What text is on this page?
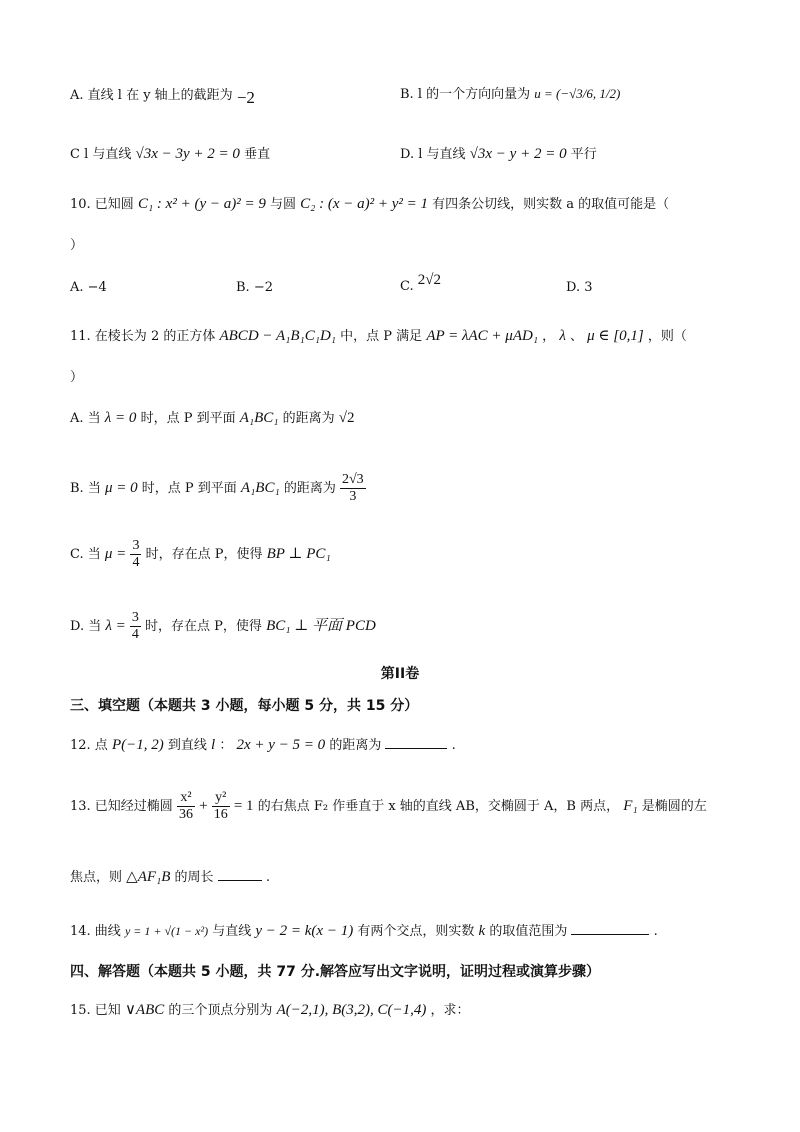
A. 直线 l 在 y 轴上的截距为 −2	B. l 的一个方向向量为 u = (−√3/6, 1/2)
C l 与直线 √3x − 3y + 2 = 0 垂直	D. l 与直线 √3x − y + 2 = 0 平行
10. 已知圆 C₁ : x² + (y − a)² = 9 与圆 C₂ : (x − a)² + y² = 1 有四条公切线，则实数 a 的取值可能是（
）
A. −4	B. −2	C. 2√2	D. 3
11. 在棱长为 2 的正方体 ABCD − A₁B₁C₁D₁ 中，点 P 满足 AP = λAC + μAD₁ ， λ 、 μ ∈ [0,1] ，则（
）
A. 当 λ = 0 时，点 P 到平面 A₁BC₁ 的距离为 √2
B. 当 μ = 0 时，点 P 到平面 A₁BC₁ 的距离为 $\frac{2√3}{3}$
C. 当 $\mu = \frac{3}{4}$ 时，存在点 P，使得 BP ⊥ PC₁
D. 当 $\lambda = \frac{3}{4}$ 时，存在点 P，使得 BC₁ ⊥ 平面 PCD
第II卷
三、填空题（本题共 3 小题，每小题 5 分，共 15 分）
12. 点 P(−1, 2) 到直线 l ： 2x + y − 5 = 0 的距离为	.
13. 已知经过椭圆 $\frac{\text{x²}}{36} + \frac{\text{y²}}{16} = 1$ 的右焦点 F₂ 作垂直于 x 轴的直线 AB，交椭圆于 A，B 两点， F₁ 是椭圆的左
焦点，则 △AF₁B 的周长	.
14. 曲线 y = 1 + √(1 − x²) 与直线 y − 2 = k(x − 1) 有两个交点，则实数 k 的取值范围为	.
四、解答题（本题共 5 小题，共 77 分.解答应写出文字说明，证明过程或演算步骤）
15. 已知 ∨ABC 的三个顶点分别为 A(−2,1), B(3,2), C(−1,4) ，求：
